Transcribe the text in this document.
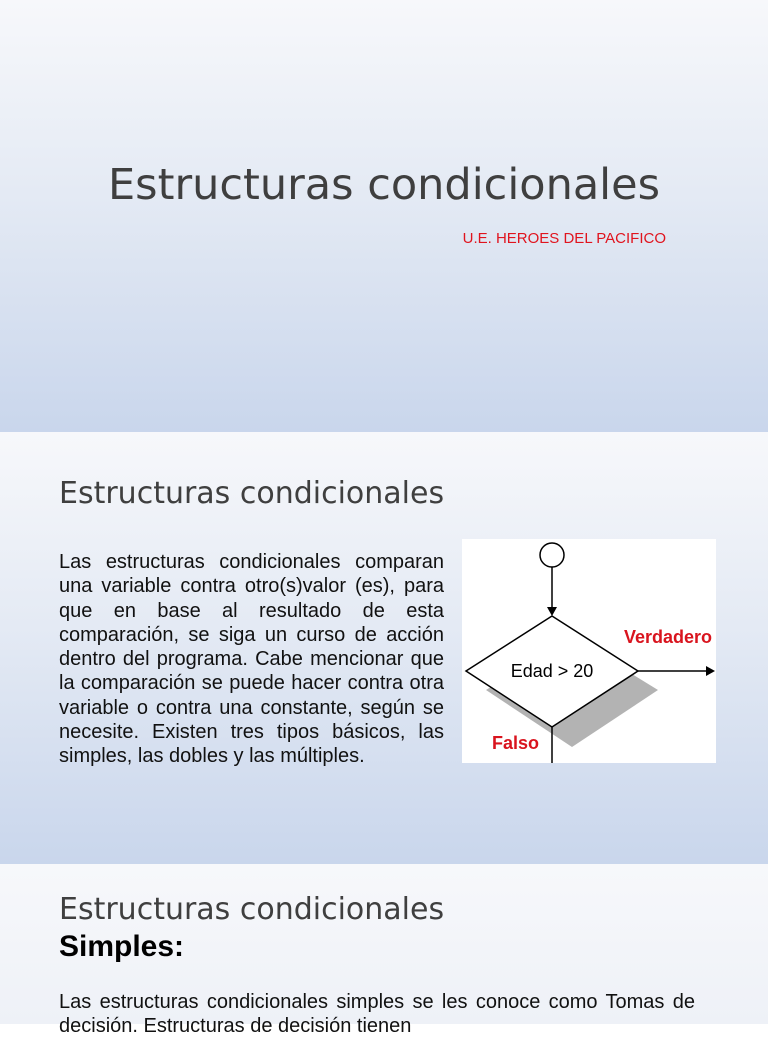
Estructuras condicionales

U.E. HEROES DEL PACIFICO

Estructuras condicionales

Las estructuras condicionales comparan una variable contra otro(s)valor (es), para que en base al resultado de esta comparación, se siga un curso de acción dentro del programa. Cabe mencionar que la comparación se puede hacer contra otra variable o contra una constante, según se necesite. Existen tres tipos básicos, las simples, las dobles y las múltiples.

Edad > 20
Verdadero
Falso
Estructuras condicionales
Simples:

Las estructuras condicionales simples se les conoce como Tomas de decisión. Estructuras de decisión tienen
